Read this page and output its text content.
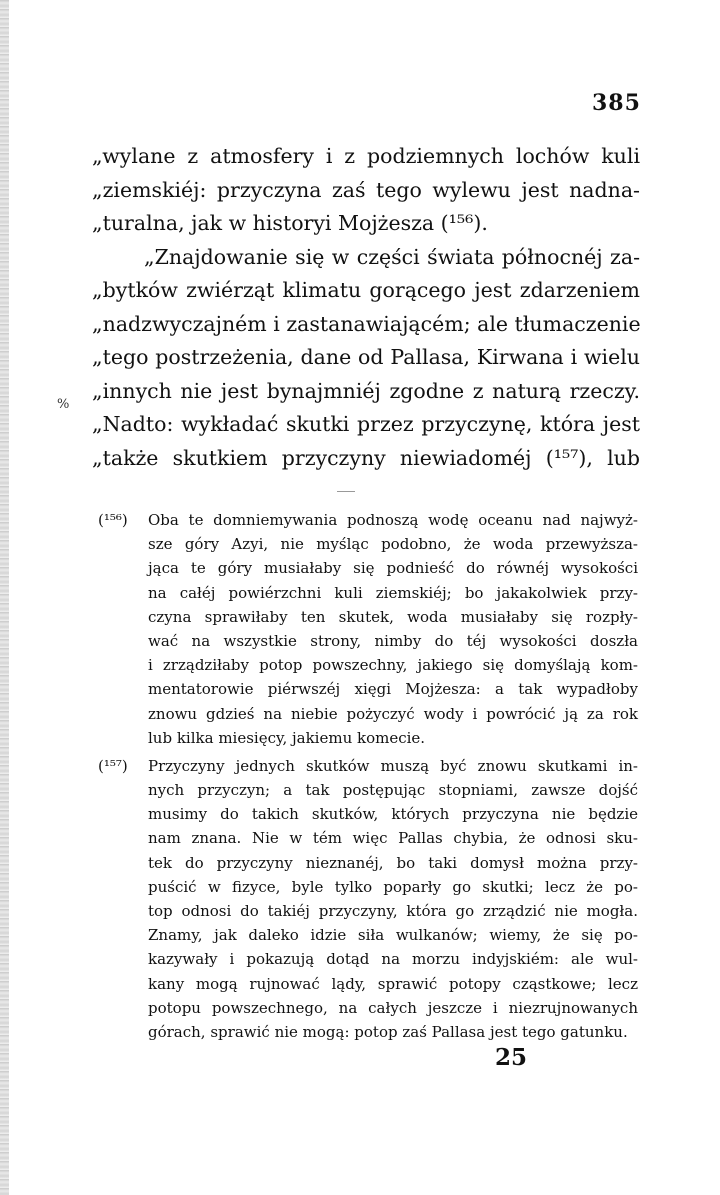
385
„wylane z atmosfery i z podziemnych lochów kuli
„ziemskiéj: przyczyna zaś tego wylewu jest nadna-
„turalna, jak w historyi Mojżesza (¹⁵⁶).
„Znajdowanie się w części świata północnéj za-
„bytków zwiérząt klimatu gorącego jest zdarzeniem
„nadzwyczajném i zastanawiającém; ale tłumaczenie
„tego postrzeżenia, dane od Pallasa, Kirwana i wielu
„innych nie jest bynajmniéj zgodne z naturą rzeczy.
„Nadto: wykładać skutki przez przyczynę, która jest
„także skutkiem przyczyny niewiadoméj (¹⁵⁷), lub
%
(¹⁵⁶) Oba te domniemywania podnoszą wodę oceanu nad najwyż-
sze góry Azyi, nie myśląc podobno, że woda przewyższa-
jąca te góry musiałaby się podnieść do równéj wysokości
na całéj powiérzchni kuli ziemskiéj; bo jakakolwiek przy-
czyna sprawiłaby ten skutek, woda musiałaby się rozpły-
wać na wszystkie strony, nimby do téj wysokości doszła
i zrządziłaby potop powszechny, jakiego się domyślają kom-
mentatorowie piérwszéj xięgi Mojżesza: a tak wypadłoby
znowu gdzieś na niebie pożyczyć wody i powrócić ją za rok
lub kilka miesięcy, jakiemu komecie.
(¹⁵⁷) Przyczyny jednych skutków muszą być znowu skutkami in-
nych przyczyn; a tak postępując stopniami, zawsze dojść
musimy do takich skutków, których przyczyna nie będzie
nam znana. Nie w tém więc Pallas chybia, że odnosi sku-
tek do przyczyny nieznanéj, bo taki domysł można przy-
puścić w fizyce, byle tylko poparły go skutki; lecz że po-
top odnosi do takiéj przyczyny, która go zrządzić nie mogła.
Znamy, jak daleko idzie siła wulkanów; wiemy, że się po-
kazywały i pokazują dotąd na morzu indyjskiém: ale wul-
kany mogą rujnować lądy, sprawić potopy cząstkowe; lecz
potopu powszechnego, na całych jeszcze i niezrujnowanych
górach, sprawić nie mogą: potop zaś Pallasa jest tego gatunku.
25
